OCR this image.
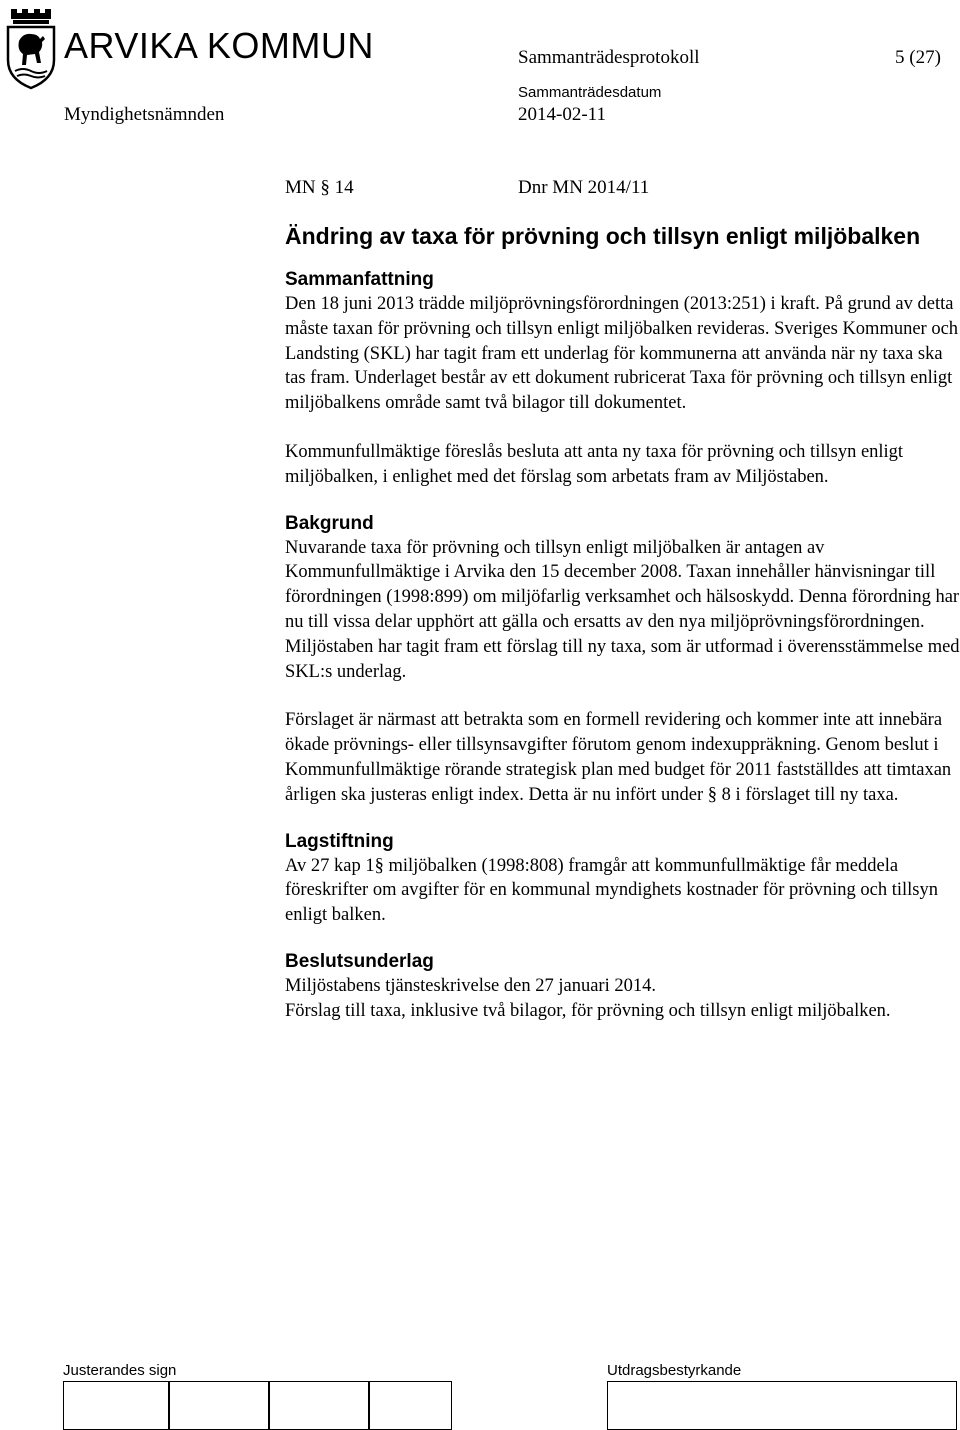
ARVIKA KOMMUN	Sammanträdesprotokoll	5 (27)
Myndighetsnämnden
Sammanträdesdatum
2014-02-11
MN § 14	Dnr MN 2014/11
Ändring av taxa för prövning och tillsyn enligt miljöbalken
Sammanfattning

Den 18 juni 2013 trädde miljöprövningsförordningen (2013:251) i kraft. På grund av detta måste taxan för prövning och tillsyn enligt miljöbalken revideras. Sveriges Kommuner och Landsting (SKL) har tagit fram ett underlag för kommunerna att använda när ny taxa ska tas fram. Underlaget består av ett dokument rubricerat Taxa för prövning och tillsyn enligt miljöbalkens område samt två bilagor till dokumentet.

Kommunfullmäktige föreslås besluta att anta ny taxa för prövning och tillsyn enligt miljöbalken, i enlighet med det förslag som arbetats fram av Miljöstaben.

Bakgrund

Nuvarande taxa för prövning och tillsyn enligt miljöbalken är antagen av Kommunfullmäktige i Arvika den 15 december 2008. Taxan innehåller hänvisningar till förordningen (1998:899) om miljöfarlig verksamhet och hälsoskydd. Denna förordning har nu till vissa delar upphört att gälla och ersatts av den nya miljöprövningsförordningen. Miljöstaben har tagit fram ett förslag till ny taxa, som är utformad i överensstämmelse med SKL:s underlag.

Förslaget är närmast att betrakta som en formell revidering och kommer inte att innebära ökade prövnings- eller tillsynsavgifter förutom genom indexuppräkning. Genom beslut i Kommunfullmäktige rörande strategisk plan med budget för 2011 fastställdes att timtaxan årligen ska justeras enligt index. Detta är nu infört under § 8 i förslaget till ny taxa.

Lagstiftning

Av 27 kap 1§ miljöbalken (1998:808) framgår att kommunfullmäktige får meddela föreskrifter om avgifter för en kommunal myndighets kostnader för prövning och tillsyn enligt balken.

Beslutsunderlag

Miljöstabens tjänsteskrivelse den 27 januari 2014.

Förslag till taxa, inklusive två bilagor, för prövning och tillsyn enligt miljöbalken.

Justerandes sign	Utdragsbestyrkande
